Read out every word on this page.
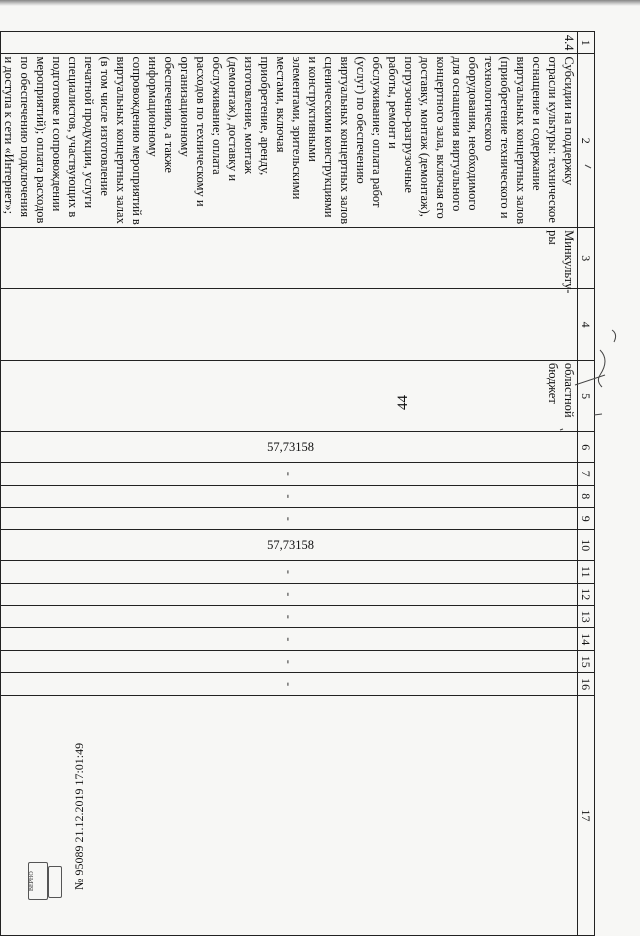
44
1	2	3	4	5	6	7	8	9	10	11	12	13	14	15	16	17
4.4	Субсидии на поддержку отрасли культуры: техническое оснащение и содержание виртуальных концертных залов (приобретение технического и технологического оборудования, необходимого для оснащения виртуального концертного зала, включая его доставку, монтаж (демонтаж), погрузочно-разгрузочные работы, ремонт и обслуживание; оплата работ (услуг) по обеспечению виртуальных концертных залов сценическими конструкциями и конструктивными элементами, зрительскими местами, включая приобретение, аренду, изготовление, монтаж (демонтаж), доставку и обслуживание; оплата расходов по техническому и организационному обеспечению, а также информационному сопровождению мероприятий в виртуальных концертных залах (в том числе изготовление печатной продукции, услуги специалистов, участвующих в подготовке и сопровождении мероприятий); оплата расходов по обеспечению подключения и доступа к сети «Интернет»;	Минкульту-ры		областной бюджет	57,73158	-	-	-	57,73158	-	-	-	-	-	-	
ВЕРНО	№ 95089 21.12.2019 17:01:49
